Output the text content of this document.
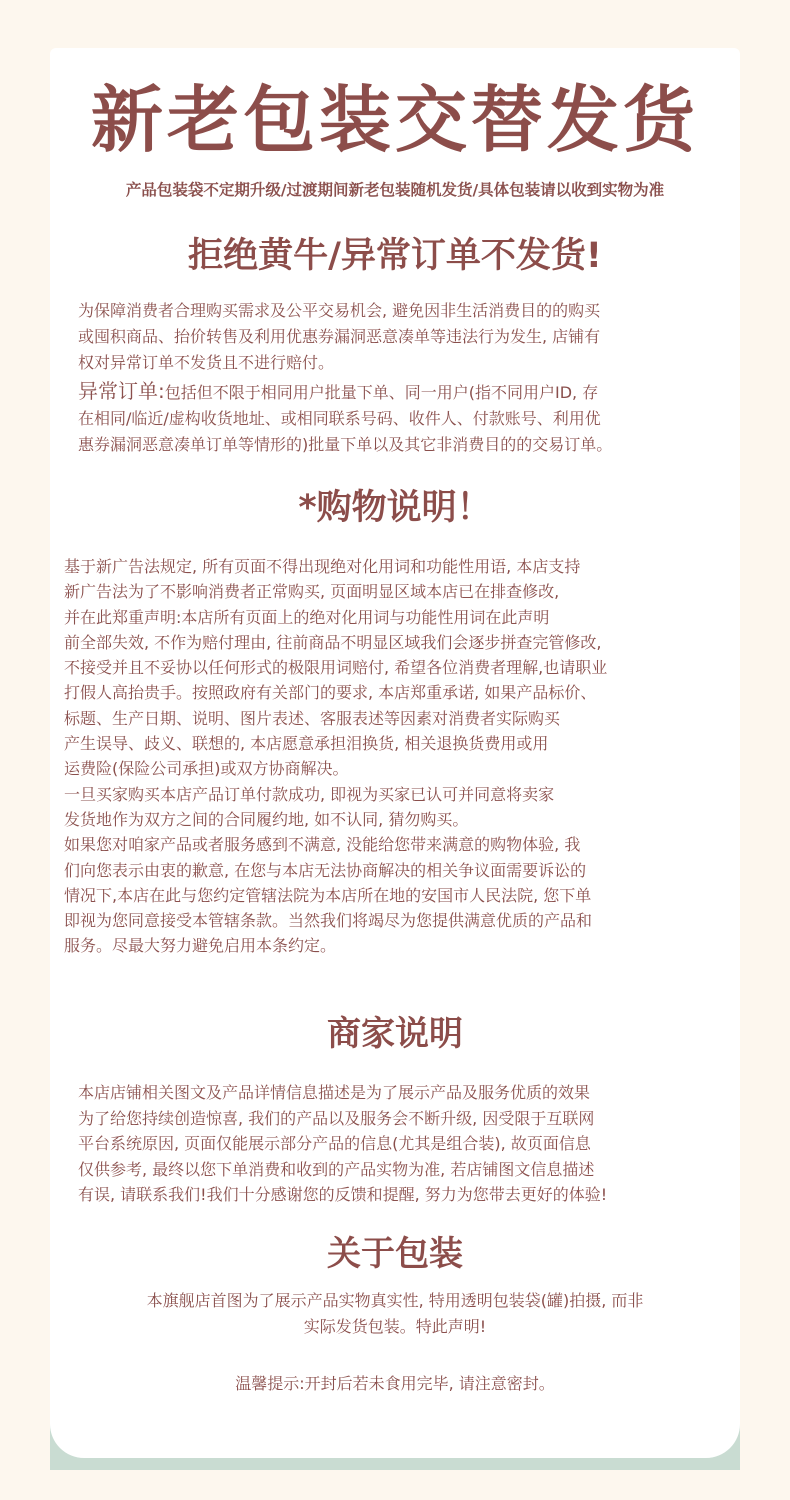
新老包装交替发货

产品包装袋不定期升级/过渡期间新老包装随机发货/具体包装请以收到实物为准

拒绝黄牛/异常订单不发货!

为保障消费者合理购买需求及公平交易机会, 避免因非生活消费目的的购买
或囤积商品、抬价转售及利用优惠券漏洞恶意凑单等违法行为发生, 店铺有
权对异常订单不发货且不进行赔付。

异常订单:包括但不限于相同用户批量下单、同一用户(指不同用户ID, 存
在相同/临近/虚构收货地址、或相同联系号码、收件人、付款账号、利用优
惠券漏洞恶意凑单订单等情形的)批量下单以及其它非消费目的的交易订单。

*购物说明！

基于新广告法规定, 所有页面不得出现绝对化用词和功能性用语, 本店支持
新广告法为了不影响消费者正常购买, 页面明显区域本店已在排查修改,
并在此郑重声明:本店所有页面上的绝对化用词与功能性用词在此声明
前全部失效, 不作为赔付理由, 往前商品不明显区域我们会逐步拼查完管修改,
不接受并且不妥协以任何形式的极限用词赔付, 希望各位消费者理解,也请职业
打假人高抬贵手。按照政府有关部门的要求, 本店郑重承诺, 如果产品标价、
标题、生产日期、说明、图片表述、客服表述等因素对消费者实际购买
产生误导、歧义、联想的, 本店愿意承担泪换货, 相关退换货费用或用
运费险(保险公司承担)或双方协商解决。
一旦买家购买本店产品订单付款成功, 即视为买家已认可并同意将卖家
发货地作为双方之间的合同履约地, 如不认同, 猜勿购买。
如果您对咱家产品或者服务感到不满意, 没能给您带来满意的购物体验, 我
们向您表示由衷的歉意, 在您与本店无法协商解决的相关争议面需要诉讼的
情况下,本店在此与您约定管辖法院为本店所在地的安国市人民法院, 您下单
即视为您同意接受本管辖条款。当然我们将竭尽为您提供满意优质的产品和
服务。尽最大努力避免启用本条约定。

商家说明

本店店铺相关图文及产品详情信息描述是为了展示产品及服务优质的效果
为了给您持续创造惊喜, 我们的产品以及服务会不断升级, 因受限于互联网
平台系统原因, 页面仅能展示部分产品的信息(尤其是组合装), 故页面信息
仅供参考, 最终以您下单消费和收到的产品实物为准, 若店铺图文信息描述
有误, 请联系我们!我们十分感谢您的反馈和提醒, 努力为您带去更好的体验!

关于包装

本旗舰店首图为了展示产品实物真实性, 特用透明包装袋(罐)拍摄, 而非
实际发货包装。特此声明!

温馨提示:开封后若未食用完毕, 请注意密封。
